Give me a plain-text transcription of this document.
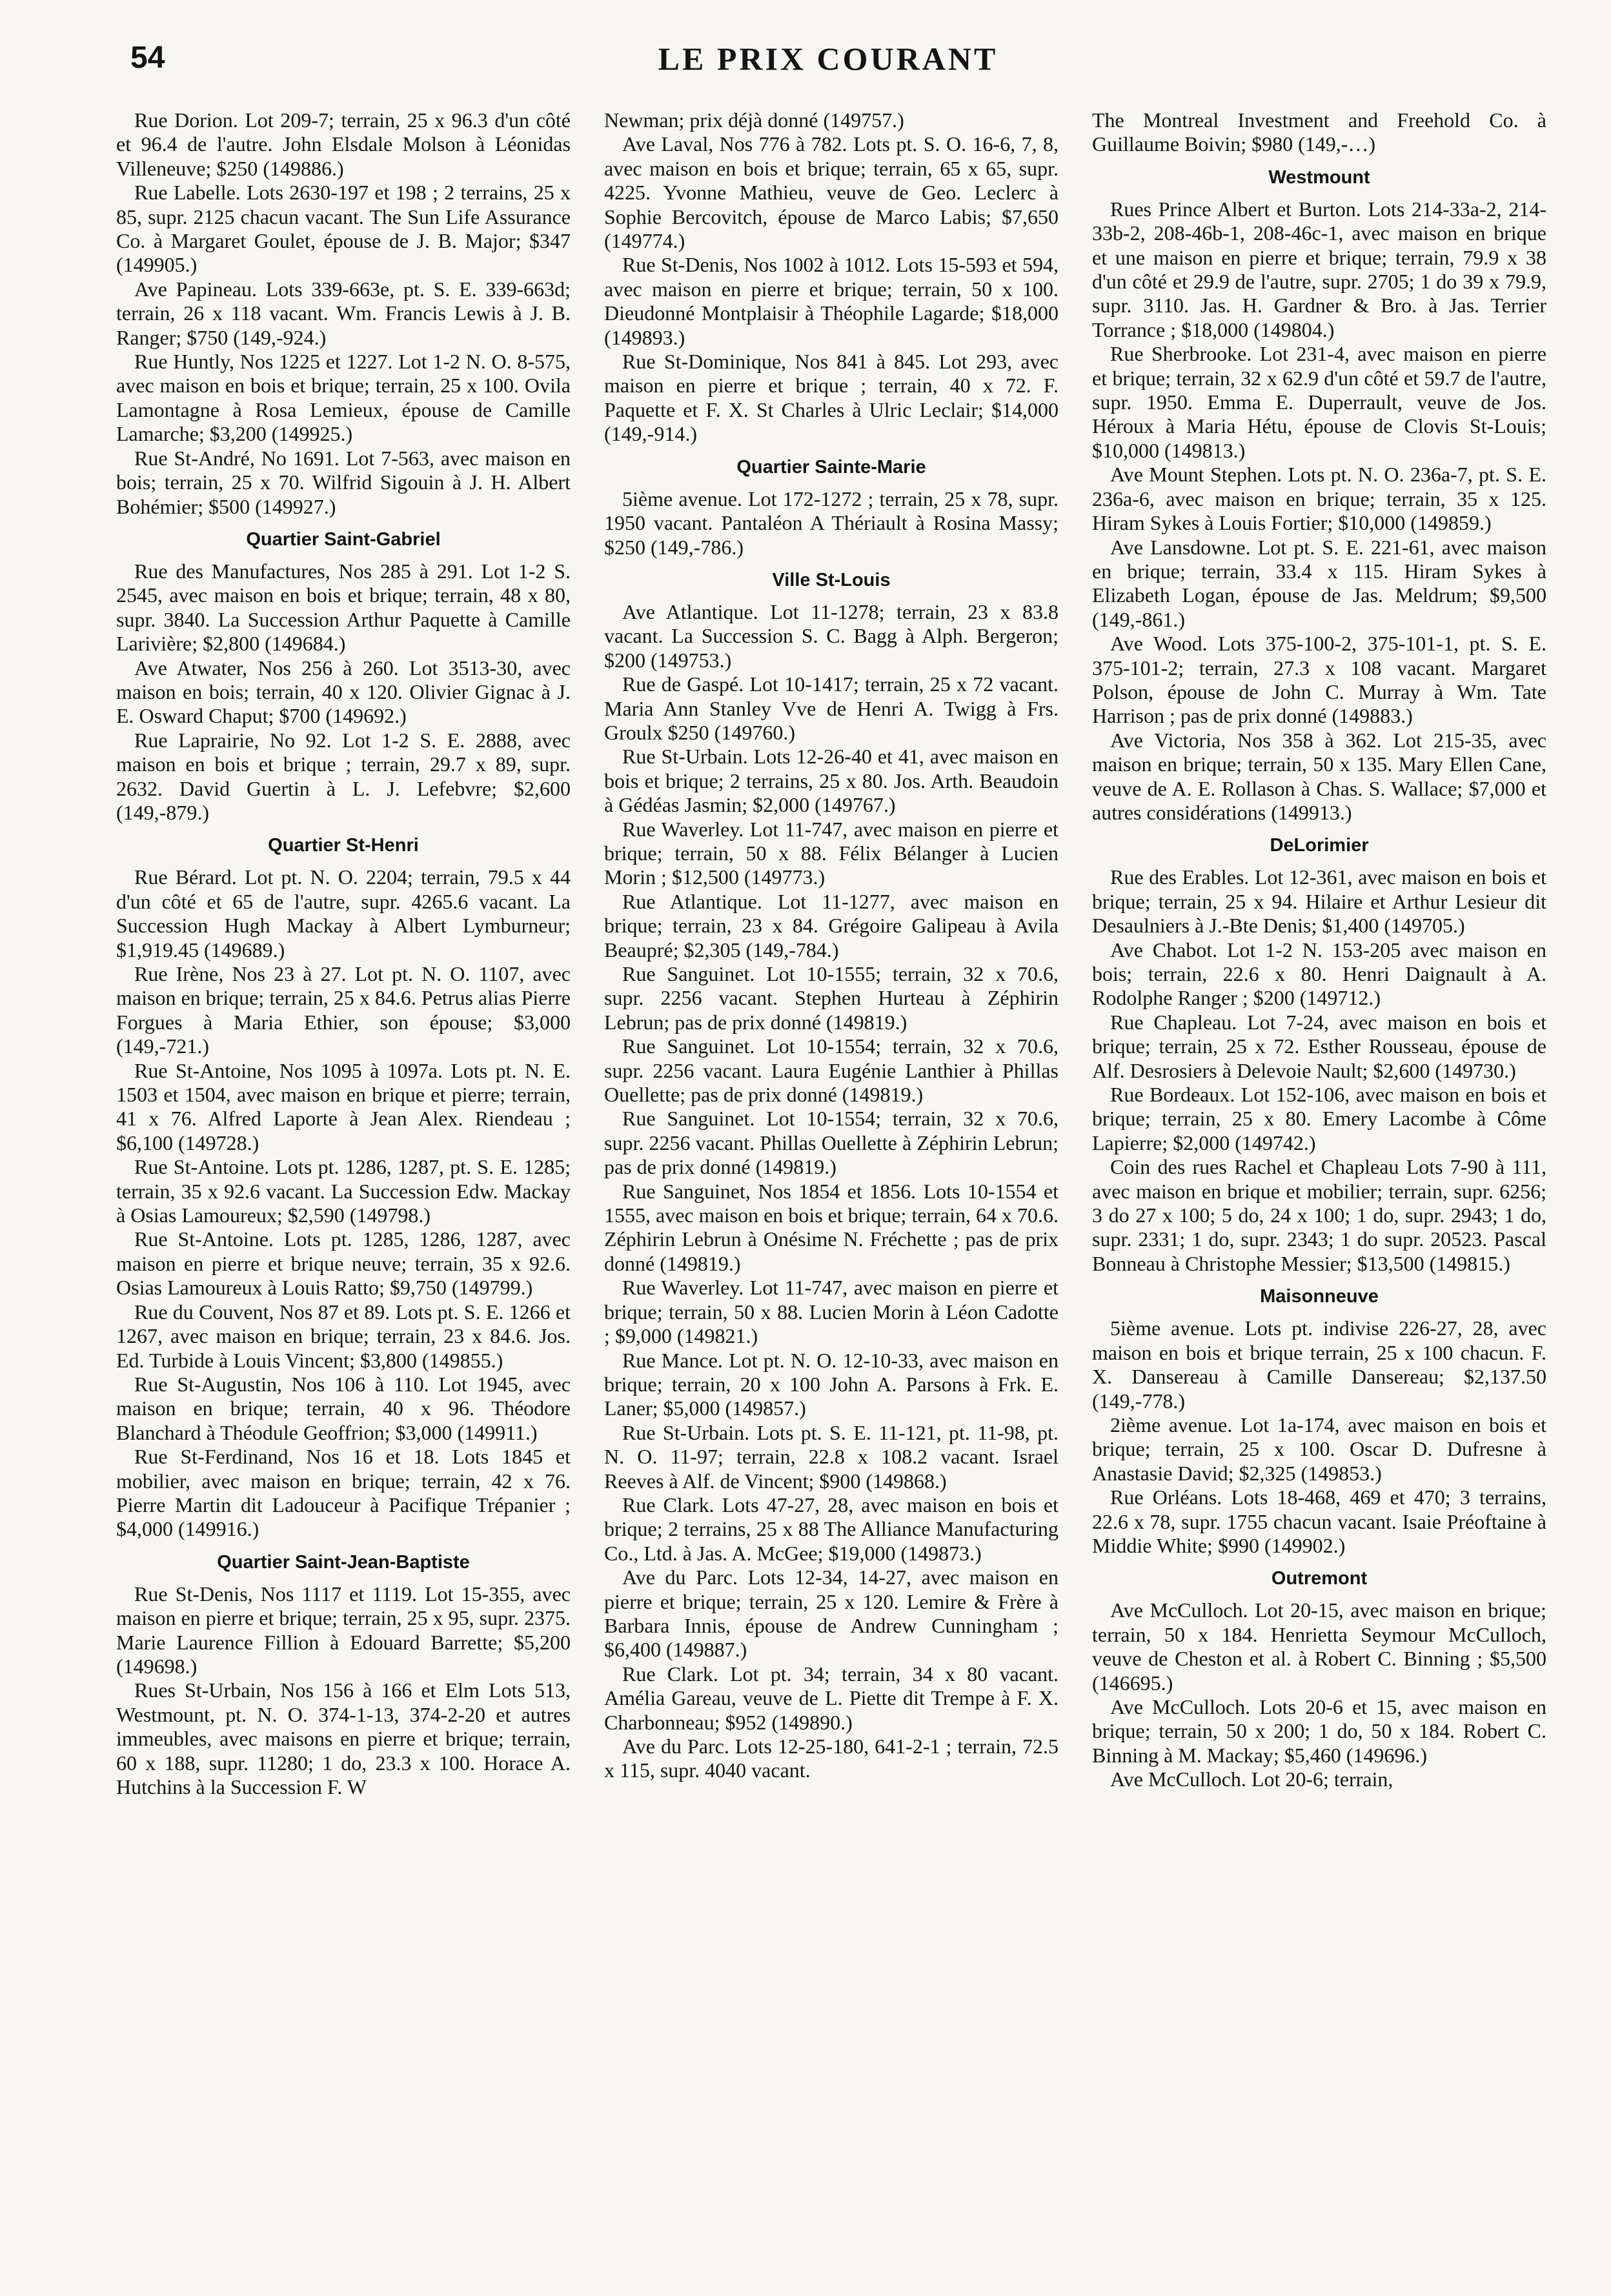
54	LE PRIX COURANT

Rue Dorion. Lot 209-7; terrain, 25 x 96.3 d'un côté et 96.4 de l'autre. John Elsdale Molson à Léonidas Villeneuve; $250 (149886.)

Rue Labelle. Lots 2630-197 et 198 ; 2 terrains, 25 x 85, supr. 2125 chacun vacant. The Sun Life Assurance Co. à Margaret Goulet, épouse de J. B. Major; $347 (149905.)

Ave Papineau. Lots 339-663e, pt. S. E. 339-663d; terrain, 26 x 118 vacant. Wm. Francis Lewis à J. B. Ranger; $750 (149,-924.)

Rue Huntly, Nos 1225 et 1227. Lot 1-2 N. O. 8-575, avec maison en bois et brique; terrain, 25 x 100. Ovila Lamontagne à Rosa Lemieux, épouse de Camille Lamarche; $3,200 (149925.)

Rue St-André, No 1691. Lot 7-563, avec maison en bois; terrain, 25 x 70. Wilfrid Sigouin à J. H. Albert Bohémier; $500 (149927.)

Quartier Saint-Gabriel

Rue des Manufactures, Nos 285 à 291. Lot 1-2 S. 2545, avec maison en bois et brique; terrain, 48 x 80, supr. 3840. La Succession Arthur Paquette à Camille Larivière; $2,800 (149684.)

Ave Atwater, Nos 256 à 260. Lot 3513-30, avec maison en bois; terrain, 40 x 120. Olivier Gignac à J. E. Osward Chaput; $700 (149692.)

Rue Laprairie, No 92. Lot 1-2 S. E. 2888, avec maison en bois et brique ; terrain, 29.7 x 89, supr. 2632. David Guertin à L. J. Lefebvre; $2,600 (149,-879.)

Quartier St-Henri

Rue Bérard. Lot pt. N. O. 2204; terrain, 79.5 x 44 d'un côté et 65 de l'autre, supr. 4265.6 vacant. La Succession Hugh Mackay à Albert Lymburneur; $1,919.45 (149689.)

Rue Irène, Nos 23 à 27. Lot pt. N. O. 1107, avec maison en brique; terrain, 25 x 84.6. Petrus alias Pierre Forgues à Maria Ethier, son épouse; $3,000 (149,-721.)

Rue St-Antoine, Nos 1095 à 1097a. Lots pt. N. E. 1503 et 1504, avec maison en brique et pierre; terrain, 41 x 76. Alfred Laporte à Jean Alex. Riendeau ; $6,100 (149728.)

Rue St-Antoine. Lots pt. 1286, 1287, pt. S. E. 1285; terrain, 35 x 92.6 vacant. La Succession Edw. Mackay à Osias Lamoureux; $2,590 (149798.)

Rue St-Antoine. Lots pt. 1285, 1286, 1287, avec maison en pierre et brique neuve; terrain, 35 x 92.6. Osias Lamoureux à Louis Ratto; $9,750 (149799.)

Rue du Couvent, Nos 87 et 89. Lots pt. S. E. 1266 et 1267, avec maison en brique; terrain, 23 x 84.6. Jos. Ed. Turbide à Louis Vincent; $3,800 (149855.)

Rue St-Augustin, Nos 106 à 110. Lot 1945, avec maison en brique; terrain, 40 x 96. Théodore Blanchard à Théodule Geoffrion; $3,000 (149911.)

Rue St-Ferdinand, Nos 16 et 18. Lots 1845 et mobilier, avec maison en brique; terrain, 42 x 76. Pierre Martin dit Ladouceur à Pacifique Trépanier ; $4,000 (149916.)

Quartier Saint-Jean-Baptiste

Rue St-Denis, Nos 1117 et 1119. Lot 15-355, avec maison en pierre et brique; terrain, 25 x 95, supr. 2375. Marie Laurence Fillion à Edouard Barrette; $5,200 (149698.)

Rues St-Urbain, Nos 156 à 166 et Elm Lots 513, Westmount, pt. N. O. 374-1-13, 374-2-20 et autres immeubles, avec maisons en pierre et brique; terrain, 60 x 188, supr. 11280; 1 do, 23.3 x 100. Horace A. Hutchins à la Succession F. W

Newman; prix déjà donné (149757.)

Ave Laval, Nos 776 à 782. Lots pt. S. O. 16-6, 7, 8, avec maison en bois et brique; terrain, 65 x 65, supr. 4225. Yvonne Mathieu, veuve de Geo. Leclerc à Sophie Bercovitch, épouse de Marco Labis; $7,650 (149774.)

Rue St-Denis, Nos 1002 à 1012. Lots 15-593 et 594, avec maison en pierre et brique; terrain, 50 x 100. Dieudonné Montplaisir à Théophile Lagarde; $18,000 (149893.)

Rue St-Dominique, Nos 841 à 845. Lot 293, avec maison en pierre et brique ; terrain, 40 x 72. F. Paquette et F. X. St Charles à Ulric Leclair; $14,000 (149,-914.)

Quartier Sainte-Marie

5ième avenue. Lot 172-1272 ; terrain, 25 x 78, supr. 1950 vacant. Pantaléon A Thériault à Rosina Massy; $250 (149,-786.)

Ville St-Louis

Ave Atlantique. Lot 11-1278; terrain, 23 x 83.8 vacant. La Succession S. C. Bagg à Alph. Bergeron; $200 (149753.)

Rue de Gaspé. Lot 10-1417; terrain, 25 x 72 vacant. Maria Ann Stanley Vve de Henri A. Twigg à Frs. Groulx $250 (149760.)

Rue St-Urbain. Lots 12-26-40 et 41, avec maison en bois et brique; 2 terrains, 25 x 80. Jos. Arth. Beaudoin à Gédéas Jasmin; $2,000 (149767.)

Rue Waverley. Lot 11-747, avec maison en pierre et brique; terrain, 50 x 88. Félix Bélanger à Lucien Morin ; $12,500 (149773.)

Rue Atlantique. Lot 11-1277, avec maison en brique; terrain, 23 x 84. Grégoire Galipeau à Avila Beaupré; $2,305 (149,-784.)

Rue Sanguinet. Lot 10-1555; terrain, 32 x 70.6, supr. 2256 vacant. Stephen Hurteau à Zéphirin Lebrun; pas de prix donné (149819.)

Rue Sanguinet. Lot 10-1554; terrain, 32 x 70.6, supr. 2256 vacant. Laura Eugénie Lanthier à Phillas Ouellette; pas de prix donné (149819.)

Rue Sanguinet. Lot 10-1554; terrain, 32 x 70.6, supr. 2256 vacant. Phillas Ouellette à Zéphirin Lebrun; pas de prix donné (149819.)

Rue Sanguinet, Nos 1854 et 1856. Lots 10-1554 et 1555, avec maison en bois et brique; terrain, 64 x 70.6. Zéphirin Lebrun à Onésime N. Fréchette ; pas de prix donné (149819.)

Rue Waverley. Lot 11-747, avec maison en pierre et brique; terrain, 50 x 88. Lucien Morin à Léon Cadotte ; $9,000 (149821.)

Rue Mance. Lot pt. N. O. 12-10-33, avec maison en brique; terrain, 20 x 100 John A. Parsons à Frk. E. Laner; $5,000 (149857.)

Rue St-Urbain. Lots pt. S. E. 11-121, pt. 11-98, pt. N. O. 11-97; terrain, 22.8 x 108.2 vacant. Israel Reeves à Alf. de Vincent; $900 (149868.)

Rue Clark. Lots 47-27, 28, avec maison en bois et brique; 2 terrains, 25 x 88 The Alliance Manufacturing Co., Ltd. à Jas. A. McGee; $19,000 (149873.)

Ave du Parc. Lots 12-34, 14-27, avec maison en pierre et brique; terrain, 25 x 120. Lemire & Frère à Barbara Innis, épouse de Andrew Cunningham ; $6,400 (149887.)

Rue Clark. Lot pt. 34; terrain, 34 x 80 vacant. Amélia Gareau, veuve de L. Piette dit Trempe à F. X. Charbonneau; $952 (149890.)

Ave du Parc. Lots 12-25-180, 641-2-1 ; terrain, 72.5 x 115, supr. 4040 vacant.

The Montreal Investment and Freehold Co. à Guillaume Boivin; $980 (149,-…)

Westmount

Rues Prince Albert et Burton. Lots 214-33a-2, 214-33b-2, 208-46b-1, 208-46c-1, avec maison en brique et une maison en pierre et brique; terrain, 79.9 x 38 d'un côté et 29.9 de l'autre, supr. 2705; 1 do 39 x 79.9, supr. 3110. Jas. H. Gardner & Bro. à Jas. Terrier Torrance ; $18,000 (149804.)

Rue Sherbrooke. Lot 231-4, avec maison en pierre et brique; terrain, 32 x 62.9 d'un côté et 59.7 de l'autre, supr. 1950. Emma E. Duperrault, veuve de Jos. Héroux à Maria Hétu, épouse de Clovis St-Louis; $10,000 (149813.)

Ave Mount Stephen. Lots pt. N. O. 236a-7, pt. S. E. 236a-6, avec maison en brique; terrain, 35 x 125. Hiram Sykes à Louis Fortier; $10,000 (149859.)

Ave Lansdowne. Lot pt. S. E. 221-61, avec maison en brique; terrain, 33.4 x 115. Hiram Sykes à Elizabeth Logan, épouse de Jas. Meldrum; $9,500 (149,-861.)

Ave Wood. Lots 375-100-2, 375-101-1, pt. S. E. 375-101-2; terrain, 27.3 x 108 vacant. Margaret Polson, épouse de John C. Murray à Wm. Tate Harrison ; pas de prix donné (149883.)

Ave Victoria, Nos 358 à 362. Lot 215-35, avec maison en brique; terrain, 50 x 135. Mary Ellen Cane, veuve de A. E. Rollason à Chas. S. Wallace; $7,000 et autres considérations (149913.)

DeLorimier

Rue des Erables. Lot 12-361, avec maison en bois et brique; terrain, 25 x 94. Hilaire et Arthur Lesieur dit Desaulniers à J.-Bte Denis; $1,400 (149705.)

Ave Chabot. Lot 1-2 N. 153-205 avec maison en bois; terrain, 22.6 x 80. Henri Daignault à A. Rodolphe Ranger ; $200 (149712.)

Rue Chapleau. Lot 7-24, avec maison en bois et brique; terrain, 25 x 72. Esther Rousseau, épouse de Alf. Desrosiers à Delevoie Nault; $2,600 (149730.)

Rue Bordeaux. Lot 152-106, avec maison en bois et brique; terrain, 25 x 80. Emery Lacombe à Côme Lapierre; $2,000 (149742.)

Coin des rues Rachel et Chapleau Lots 7-90 à 111, avec maison en brique et mobilier; terrain, supr. 6256; 3 do 27 x 100; 5 do, 24 x 100; 1 do, supr. 2943; 1 do, supr. 2331; 1 do, supr. 2343; 1 do supr. 20523. Pascal Bonneau à Christophe Messier; $13,500 (149815.)

Maisonneuve

5ième avenue. Lots pt. indivise 226-27, 28, avec maison en bois et brique terrain, 25 x 100 chacun. F. X. Dansereau à Camille Dansereau; $2,137.50 (149,-778.)

2ième avenue. Lot 1a-174, avec maison en bois et brique; terrain, 25 x 100. Oscar D. Dufresne à Anastasie David; $2,325 (149853.)

Rue Orléans. Lots 18-468, 469 et 470; 3 terrains, 22.6 x 78, supr. 1755 chacun vacant. Isaie Préoftaine à Middie White; $990 (149902.)

Outremont

Ave McCulloch. Lot 20-15, avec maison en brique; terrain, 50 x 184. Henrietta Seymour McCulloch, veuve de Cheston et al. à Robert C. Binning ; $5,500 (146695.)

Ave McCulloch. Lots 20-6 et 15, avec maison en brique; terrain, 50 x 200; 1 do, 50 x 184. Robert C. Binning à M. Mackay; $5,460 (149696.)

Ave McCulloch. Lot 20-6; terrain,
